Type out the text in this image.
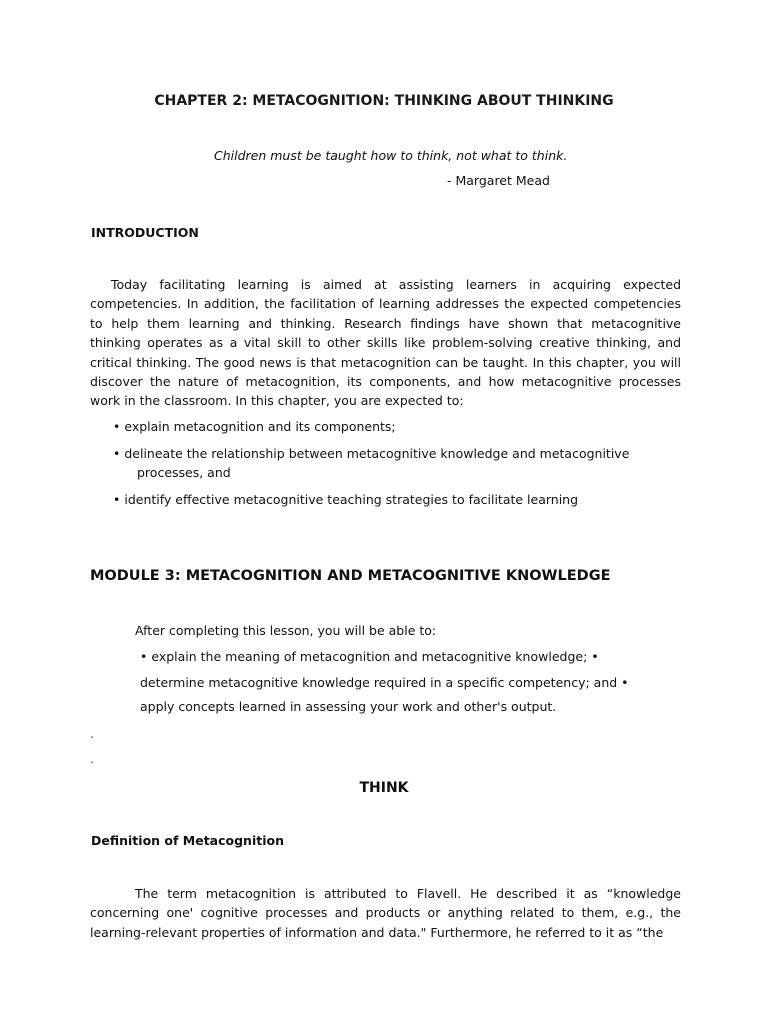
CHAPTER 2: METACOGNITION: THINKING ABOUT THINKING

Children must be taught how to think, not what to think.

- Margaret Mead

INTRODUCTION

Today facilitating learning is aimed at assisting learners in acquiring expected competencies. In addition, the facilitation of learning addresses the expected competencies to help them learning and thinking. Research findings have shown that metacognitive thinking operates as a vital skill to other skills like problem-solving creative thinking, and critical thinking. The good news is that metacognition can be taught. In this chapter, you will discover the nature of metacognition, its components, and how metacognitive processes work in the classroom. In this chapter, you are expected to:

• explain metacognition and its components;

• delineate the relationship between metacognitive knowledge and metacognitive

processes, and

• identify effective metacognitive teaching strategies to facilitate learning

MODULE 3: METACOGNITION AND METACOGNITIVE KNOWLEDGE

After completing this lesson, you will be able to:

• explain the meaning of metacognition and metacognitive knowledge; •

determine metacognitive knowledge required in a specific competency; and •

apply concepts learned in assessing your work and other's output.

.
.
THINK
Definition of Metacognition

The term metacognition is attributed to Flavell. He described it as “knowledge concerning one' cognitive processes and products or anything related to them, e.g., the learning-relevant properties of information and data." Furthermore, he referred to it as “the
